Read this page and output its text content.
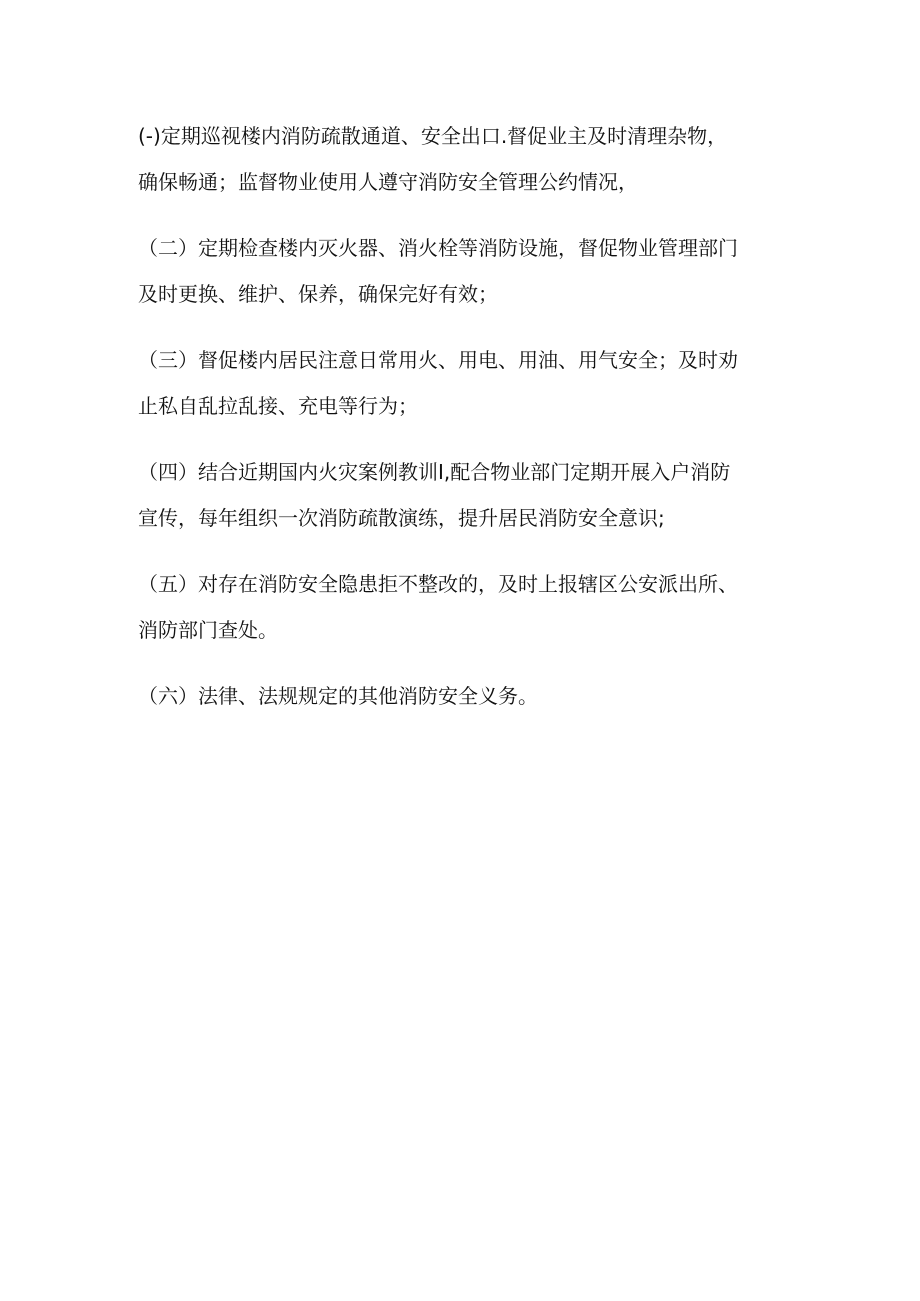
(-)定期巡视楼内消防疏散通道、安全出口.督促业主及时清理杂物，
确保畅通；监督物业使用人遵守消防安全管理公约情况，

（二）定期检查楼内灭火器、消火栓等消防设施，督促物业管理部门
及时更换、维护、保养，确保完好有效；

（三）督促楼内居民注意日常用火、用电、用油、用气安全；及时劝
止私自乱拉乱接、充电等行为；

（四）结合近期国内火灾案例教训Ⅰ,配合物业部门定期开展入户消防
宣传，每年组织一次消防疏散演练，提升居民消防安全意识;

（五）对存在消防安全隐患拒不整改的，及时上报辖区公安派出所、
消防部门查处。

（六）法律、法规规定的其他消防安全义务。
